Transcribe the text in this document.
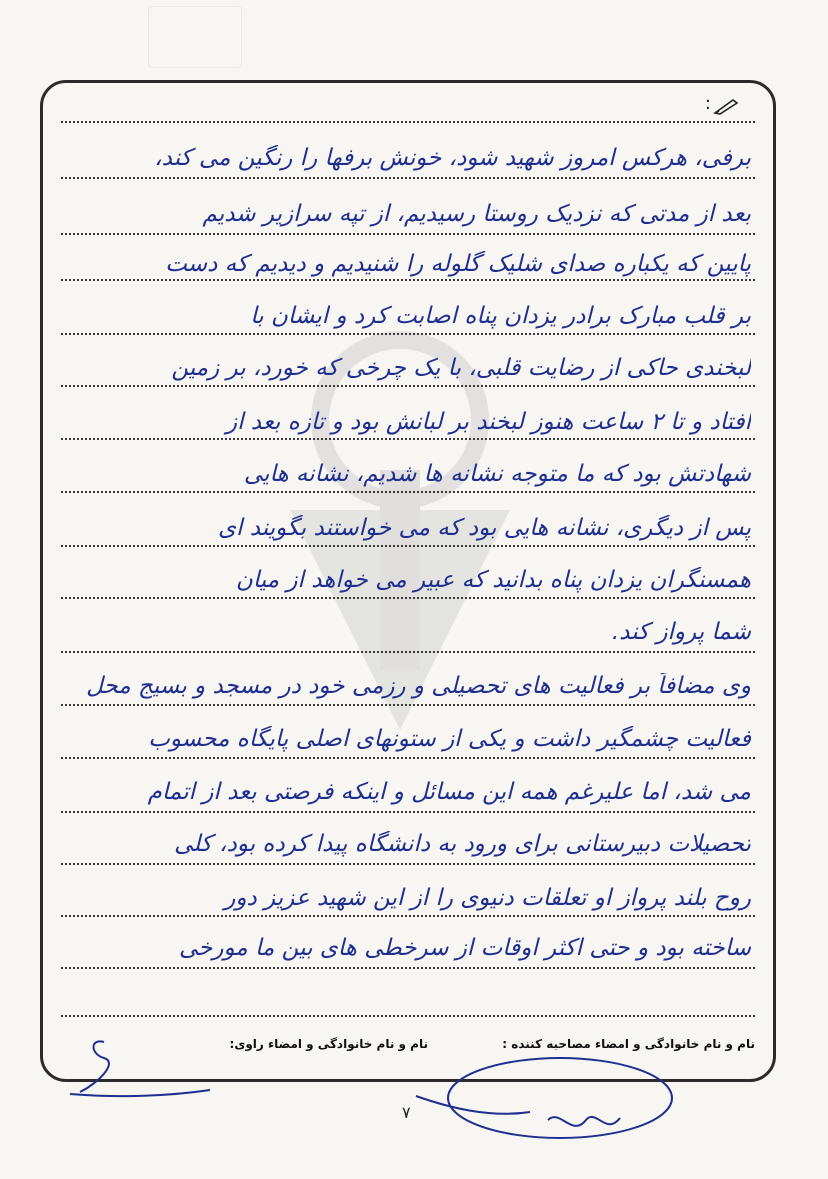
:
برفی، هرکس امروز شهید شود، خونش برفها را رنگین می کند،
بعد از مدتی که نزدیک روستا رسیدیم، از تپه سرازیر شدیم
پایین که یکباره صدای شلیک گلوله را شنیدیم و دیدیم که دست
بر قلب مبارک برادر یزدان پناه اصابت کرد و ایشان با
لبخندی حاکی از رضایت قلبی، با یک چرخی که خورد، بر زمین
افتاد و تا ۲ ساعت هنوز لبخند بر لبانش بود و تازه بعد از
شهادتش بود که ما متوجه نشانه ها شدیم، نشانه هایی
پس از دیگری، نشانه هایی بود که می خواستند بگویند ای
همسنگران یزدان پناه بدانید که عبیر می خواهد از میان
شما پرواز کند.
وی مضافاً بر فعالیت های تحصیلی و رزمی خود در مسجد و بسیج محل
فعالیت چشمگیر داشت و یکی از ستونهای اصلی پایگاه محسوب
می شد، اما علیرغم همه این مسائل و اینکه فرصتی بعد از اتمام
تحصیلات دبیرستانی برای ورود به دانشگاه پیدا کرده بود، کلی
روح بلند پرواز او تعلقات دنیوی را از این شهید عزیز دور
ساخته بود و حتی اکثر اوقات از سرخطی های بین ما مورخی
نام و نام خانوادگی و امضاء مصاحبه کننده :
نام و نام خانوادگی و امضاء راوی:
۷
